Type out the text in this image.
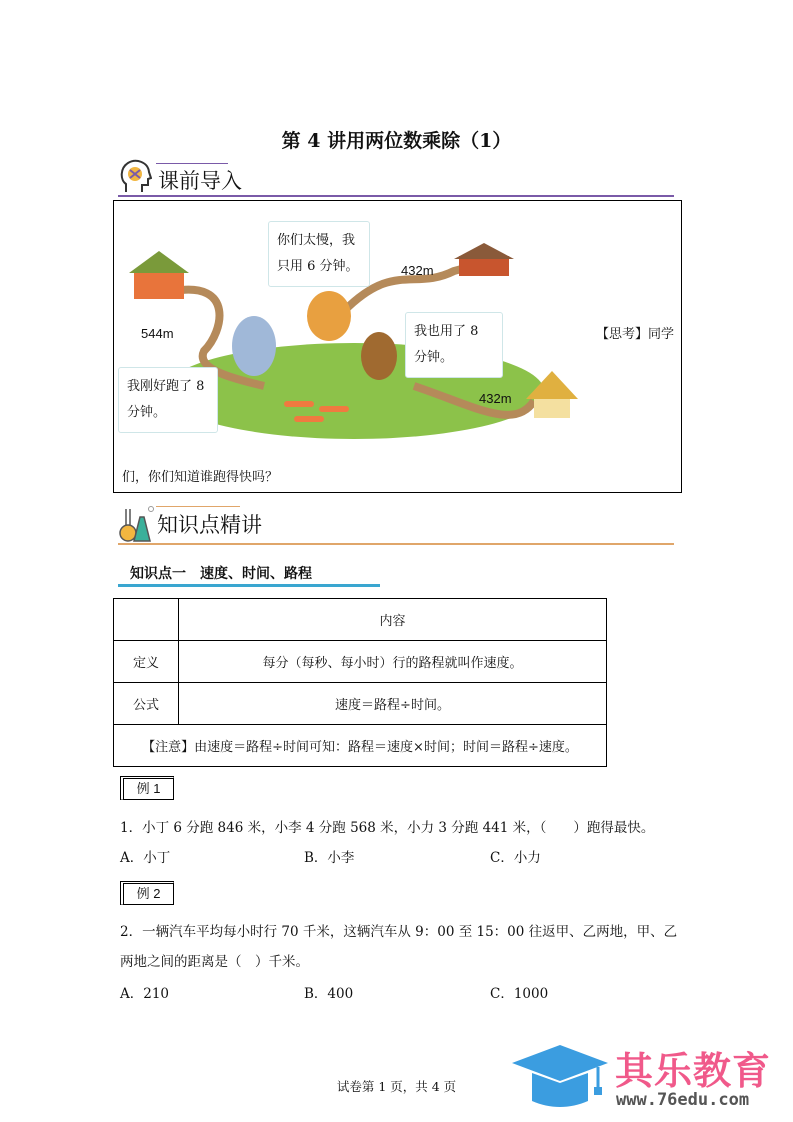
第 4 讲用两位数乘除（1）
课前导入
你们太慢，我只用 6 分钟。
我也用了 8 分钟。
我刚好跑了 8 分钟。
432m
544m
432m
【思考】同学
们，你们知道谁跑得快吗？
知识点精讲
知识点一　速度、时间、路程
	内容
定义	每分（每秒、每小时）行的路程就叫作速度。
公式	速度＝路程÷时间。
【注意】由速度＝路程÷时间可知：路程＝速度×时间；时间＝路程÷速度。	
例 1
1．小丁 6 分跑 846 米，小李 4 分跑 568 米，小力 3 分跑 441 米，（　　）跑得最快。
A．小丁	B．小李	C．小力
例 2
2．一辆汽车平均每小时行 70 千米，这辆汽车从 9：00 至 15：00 往返甲、乙两地，甲、乙
两地之间的距离是（　）千米。
A．210	B．400	C．1000
试卷第 1 页，共 4 页	其乐教育
www.76edu.com
